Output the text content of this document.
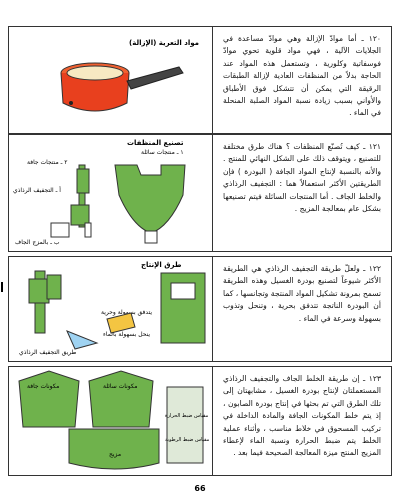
مواد التعرية (الإزالة)	١٢٠ ـ أما موادّ الإزالة وهي موادّ مساعدة في الجلايات الآلية ، فهي مواد قلوية تحوي موادّ فوسفاتية وكلورية ، وتستعمل هذه المواد عند الحاجة بدلاً من المنظفات العادية لإزالة الطبقات الرقيقة التي يمكن أن تتشكل فوق الأطباق والأواني بسبب زيادة نسبة المواد الصلبة المنحلة في الماء .
تصنيع المنظفات
١ ـ منتجات سائلة
٢ ـ منتجات جافة
أ ـ التجفيف الرذاذي
ب ـ بالمزج الجاف
١٢١ ـ كيف تُصنّع المنظفات ؟ هناك طرق مختلفة للتصنيع ، ويتوقف ذلك على الشكل النهائي للمنتج . والأنه بالنسبة لإنتاج المواد الجافة ( البودرة ) فإن الطريقتين الأكثر استعمالاً هما : التجفيف الرذاذي والخلط الجاف . أما المنتجات السائلة فيتم تصنيعها بشكل عام بمعالجة المزيج .
طرق الإنتاج
يتدفق بسهولة وحرية
ينحل بسهولة بالماء
طريق التجفيف الرذاذي
١٢٢ ـ ولعلّ طريقة التجفيف الرذاذي هي الطريقة الأكثر شيوعاً لتصنيع بودرة الغسيل وهذه الطريقة تسمح بمرونة تشكيل المواد المنتجة وتجانسها ، كما أن البودرة الناتجة تتدفق بحرية ، وتنحل وتذوب بسهولة وسرعة في الماء .
مكونات جافة	مكونات سائلة
مقياس ضبط الحرارة
مقياس ضبط الرطوبة
مزيج
١٢٣ ـ إن طريقة الخلط الجاف والتجفيف الرذاذي المستعملتان لإنتاج بودرة الغسيل ، مشابهتان إلى تلك الطرق التي تم بحثها في إنتاج بودرة الصابون ، إذ يتم خلط المكونات الجافة والمادة الداخلة في تركيب المسحوق في خلاط مناسب ، وأثناء عملية الخلط يتم ضبط الحرارة ونسبة الماء لإعطاء المزيج المنتج ميزة المعالجة الصحيحة فيما بعد .
66
